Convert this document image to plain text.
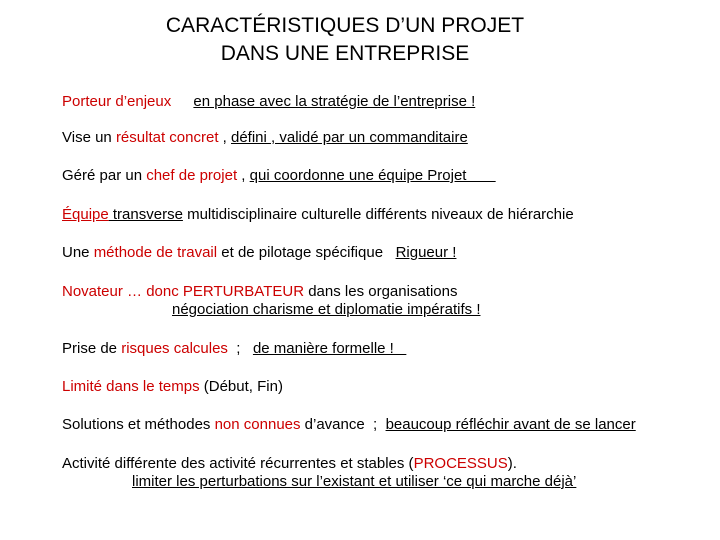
CARACTÉRISTIQUES D’UN PROJET
DANS UNE ENTREPRISE
Porteur d’enjeux en phase avec la stratégie de l’entreprise !
Vise un résultat concret , défini , validé par un commanditaire
Géré par un chef de projet , qui coordonne une équipe Projet
Équipe transverse multidisciplinaire culturelle différents niveaux de hiérarchie
Une méthode de travail et de pilotage spécifique   Rigueur !
Novateur … donc PERTURBATEUR dans les organisations
négociation charisme et diplomatie impératifs !
Prise de risques calcules  ;   de manière formelle !
Limité dans le temps (Début, Fin)
Solutions et méthodes non connues d’avance  ;  beaucoup réfléchir avant de se lancer
Activité différente des activité récurrentes et stables (PROCESSUS).
limiter les perturbations sur l’existant et utiliser ‘ce qui marche déjà’
